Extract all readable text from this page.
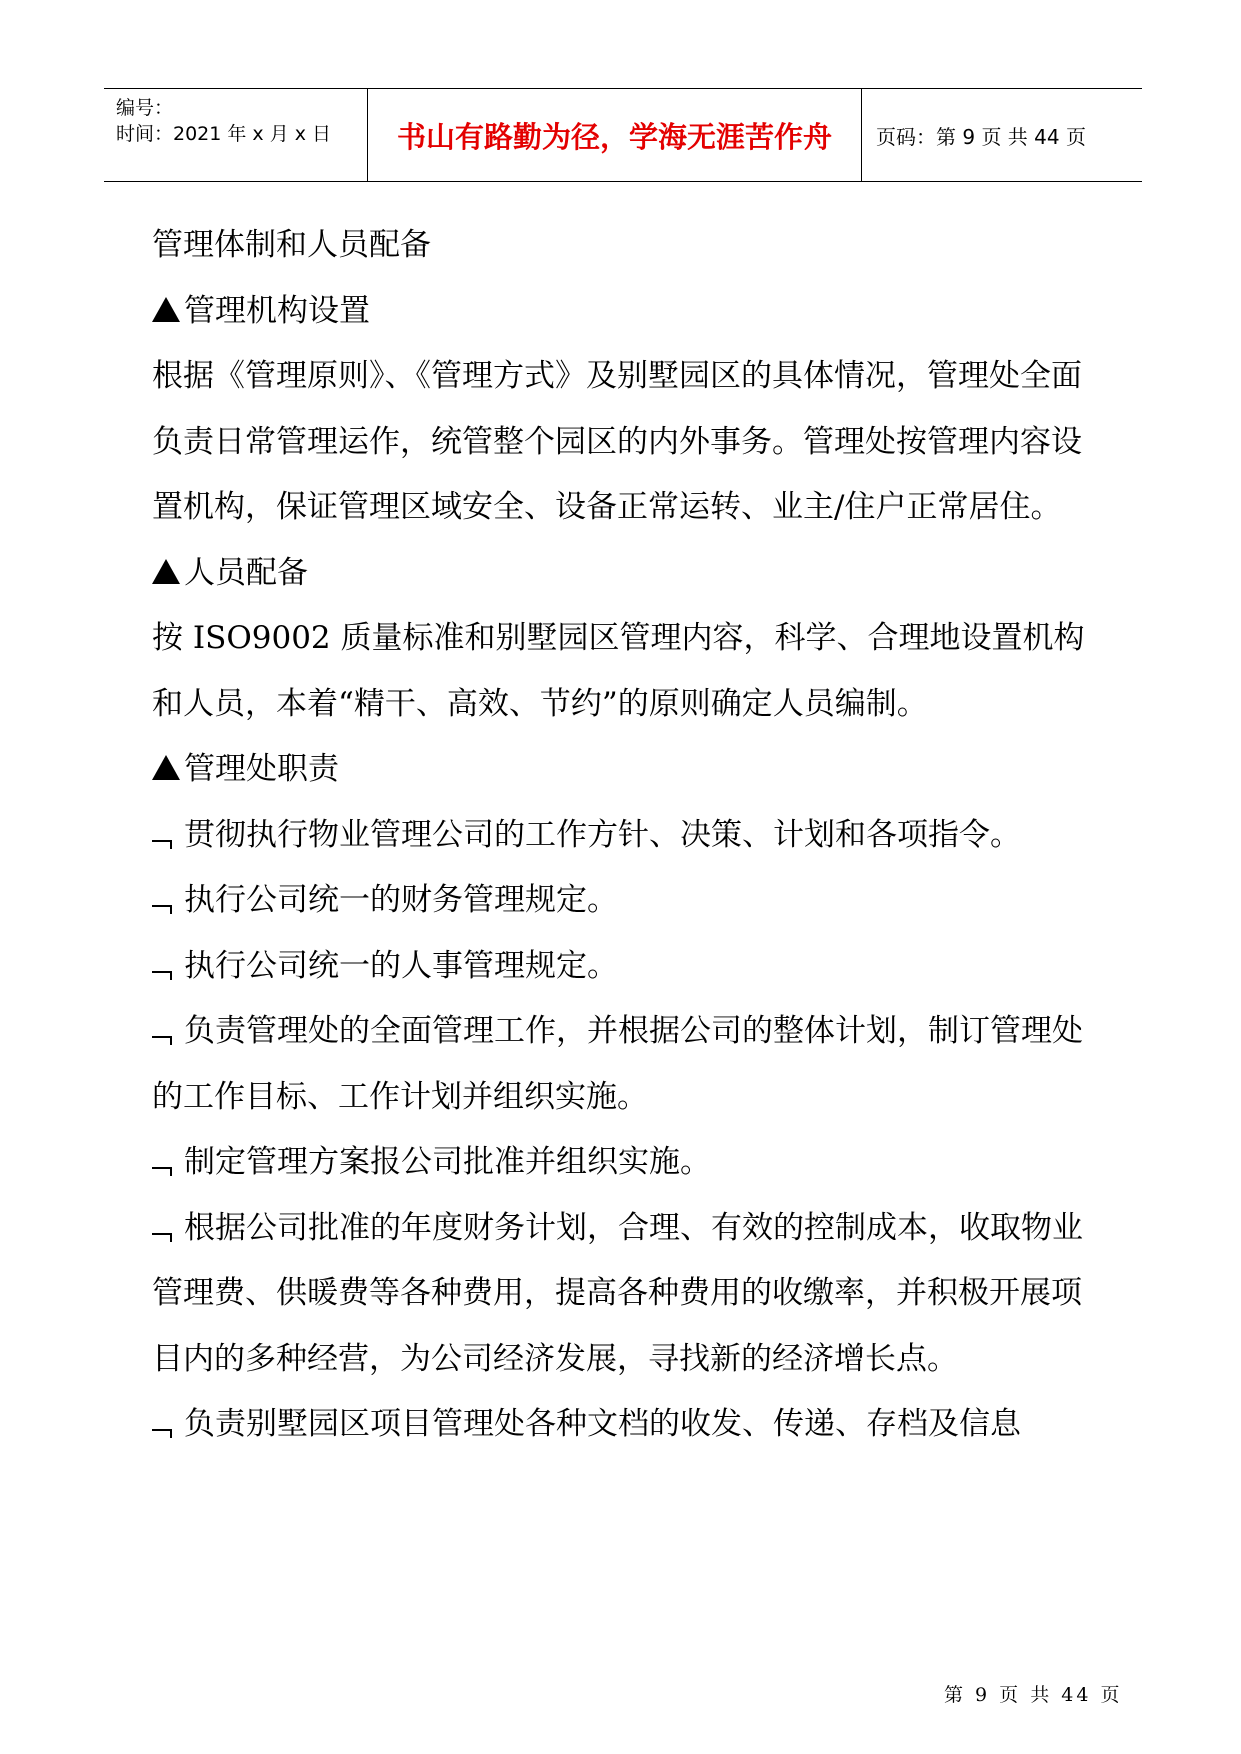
编号：
时间：2021 年 x 月 x 日	书山有路勤为径，学海无涯苦作舟	页码：第 9 页 共 44 页

管理体制和人员配备

管理机构设置

根据《管理原则》、《管理方式》及别墅园区的具体情况，管理处全面负责日常管理运作，统管整个园区的内外事务。管理处按管理内容设置机构，保证管理区域安全、设备正常运转、业主/住户正常居住。

人员配备

按 ISO9002 质量标准和别墅园区管理内容，科学、合理地设置机构和人员，本着“精干、高效、节约”的原则确定人员编制。

管理处职责

贯彻执行物业管理公司的工作方针、决策、计划和各项指令。

执行公司统一的财务管理规定。

执行公司统一的人事管理规定。

负责管理处的全面管理工作，并根据公司的整体计划，制订管理处的工作目标、工作计划并组织实施。

制定管理方案报公司批准并组织实施。

根据公司批准的年度财务计划，合理、有效的控制成本，收取物业管理费、供暖费等各种费用，提高各种费用的收缴率，并积极开展项目内的多种经营，为公司经济发展，寻找新的经济增长点。

负责别墅园区项目管理处各种文档的收发、传递、存档及信息

第 9 页 共 44 页
